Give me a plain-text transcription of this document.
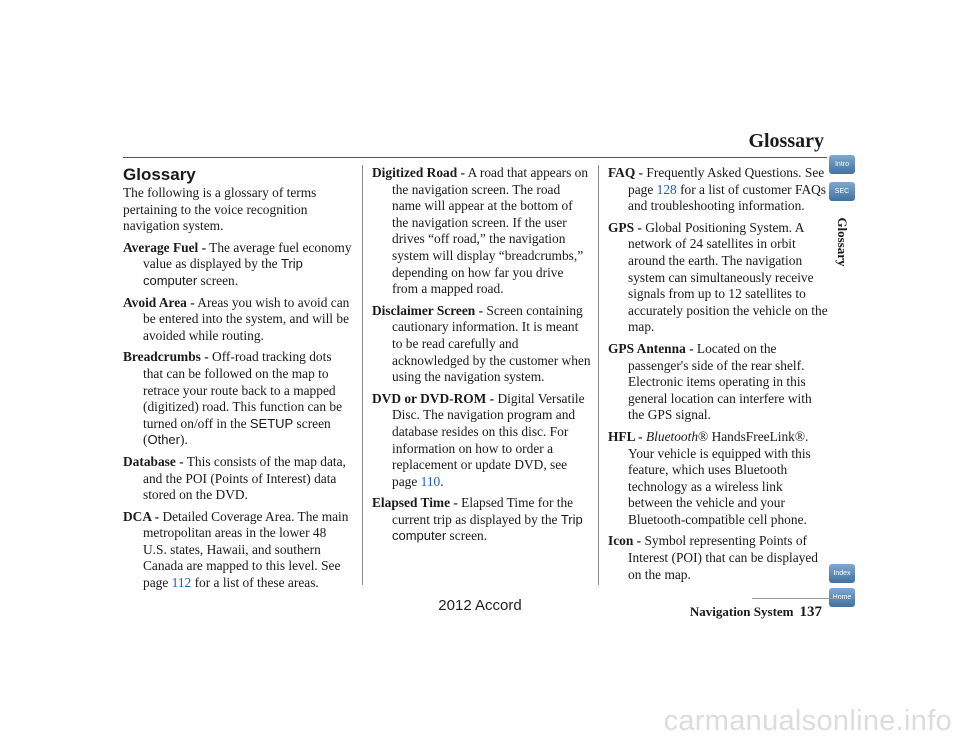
Glossary
Glossary

The following is a glossary of terms pertaining to the voice recognition navigation system.

Average Fuel - The average fuel economy value as displayed by the Trip computer screen.

Avoid Area - Areas you wish to avoid can be entered into the system, and will be avoided while routing.

Breadcrumbs - Off-road tracking dots that can be followed on the map to retrace your route back to a mapped (digitized) road. This function can be turned on/off in the SETUP screen (Other).

Database - This consists of the map data, and the POI (Points of Interest) data stored on the DVD.

DCA - Detailed Coverage Area. The main metropolitan areas in the lower 48 U.S. states, Hawaii, and southern Canada are mapped to this level. See page 112 for a list of these areas.

Digitized Road - A road that appears on the navigation screen. The road name will appear at the bottom of the navigation screen. If the user drives “off road,” the navigation system will display “breadcrumbs,” depending on how far you drive from a mapped road.

Disclaimer Screen - Screen containing cautionary information. It is meant to be read carefully and acknowledged by the customer when using the navigation system.

DVD or DVD-ROM - Digital Versatile Disc. The navigation program and database resides on this disc. For information on how to order a replacement or update DVD, see page 110.

Elapsed Time - Elapsed Time for the current trip as displayed by the Trip computer screen.

FAQ - Frequently Asked Questions. See page 128 for a list of customer FAQs and troubleshooting information.

GPS - Global Positioning System. A network of 24 satellites in orbit around the earth. The navigation system can simultaneously receive signals from up to 12 satellites to accurately position the vehicle on the map.

GPS Antenna - Located on the passenger's side of the rear shelf. Electronic items operating in this general location can interfere with the GPS signal.

HFL - Bluetooth® HandsFreeLink®. Your vehicle is equipped with this feature, which uses Bluetooth technology as a wireless link between the vehicle and your Bluetooth-compatible cell phone.

Icon - Symbol representing Points of Interest (POI) that can be displayed on the map.

Intro
SEC
Glossary
Index
Home
Navigation System 137
2012 Accord
carmanualsonline.info
